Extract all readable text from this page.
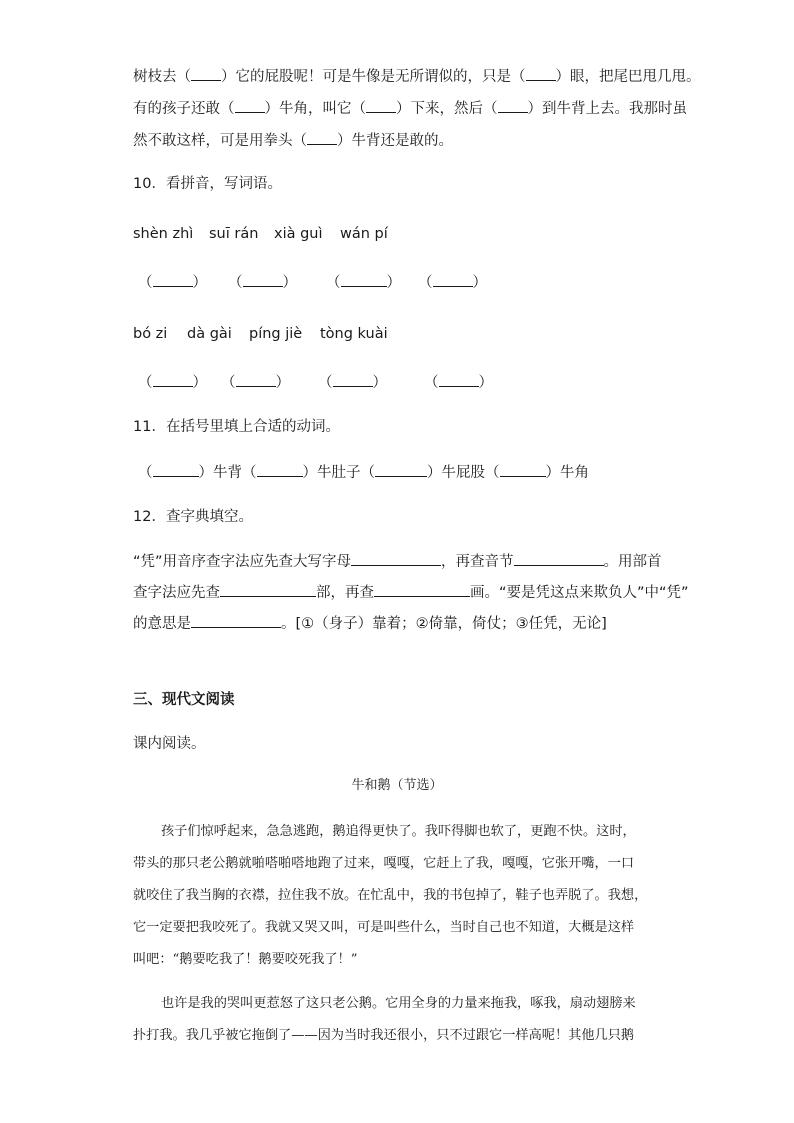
树枝去（ ）它的屁股呢！可是牛像是无所谓似的，只是（ ）眼，把尾巴甩几甩。
有的孩子还敢（ ）牛角，叫它（ ）下来，然后（ ）到牛背上去。我那时虽
然不敢这样，可是用拳头（ ）牛背还是敢的。
10．看拼音，写词语。
shèn zhì suī rán xià guì wán pí
（	） （	） （	） （	）
bó zi dà gài píng jiè tòng kuài
（	） （	） （	）	（	）
11．在括号里填上合适的动词。
（	）牛背（	）牛肚子（	）牛屁股（	）牛角
12．查字典填空。
“凭”用音序查字法应先查大写字母	，再查音节	。用部首
查字法应先查	部，再查	画。“要是凭这点来欺负人”中“凭”
的意思是	。[①（身子）靠着；②倚靠，倚仗；③任凭，无论]
三、现代文阅读
课内阅读。
牛和鹅（节选）
孩子们惊呼起来，急急逃跑，鹅追得更快了。我吓得脚也软了，更跑不快。这时，
带头的那只老公鹅就啪嗒啪嗒地跑了过来，嘎嘎，它赶上了我，嘎嘎，它张开嘴，一口
就咬住了我当胸的衣襟，拉住我不放。在忙乱中，我的书包掉了，鞋子也弄脱了。我想，
它一定要把我咬死了。我就又哭又叫，可是叫些什么，当时自己也不知道，大概是这样
叫吧：“鹅要吃我了！鹅要咬死我了！”
也许是我的哭叫更惹怒了这只老公鹅。它用全身的力量来拖我，啄我，扇动翅膀来
扑打我。我几乎被它拖倒了——因为当时我还很小，只不过跟它一样高呢！其他几只鹅
